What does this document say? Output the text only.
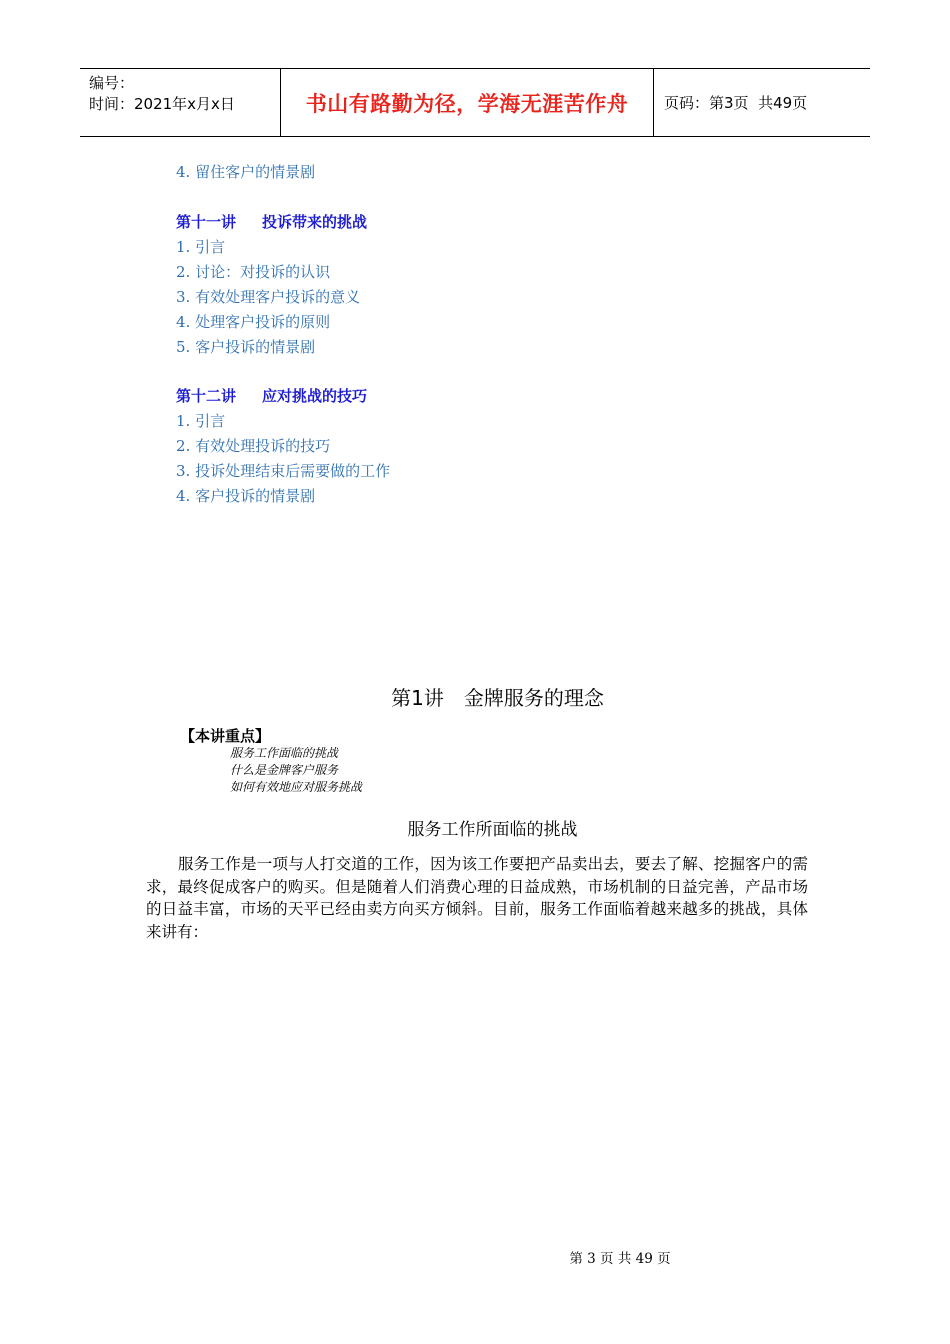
编号：
时间：2021年x月x日	书山有路勤为径，学海无涯苦作舟 页码：第3页  共49页
4. 留住客户的情景剧
第十一讲 投诉带来的挑战
1. 引言
2. 讨论：对投诉的认识
3. 有效处理客户投诉的意义
4. 处理客户投诉的原则
5. 客户投诉的情景剧
第十二讲 应对挑战的技巧
1. 引言
2. 有效处理投诉的技巧
3. 投诉处理结束后需要做的工作
4. 客户投诉的情景剧
第1讲　金牌服务的理念
【本讲重点】
服务工作面临的挑战
什么是金牌客户服务
如何有效地应对服务挑战
服务工作所面临的挑战
服务工作是一项与人打交道的工作，因为该工作要把产品卖出去，要去了解、挖掘客户的需求，最终促成客户的购买。但是随着人们消费心理的日益成熟，市场机制的日益完善，产品市场的日益丰富，市场的天平已经由卖方向买方倾斜。目前，服务工作面临着越来越多的挑战，具体来讲有：
第 3 页 共 49 页
